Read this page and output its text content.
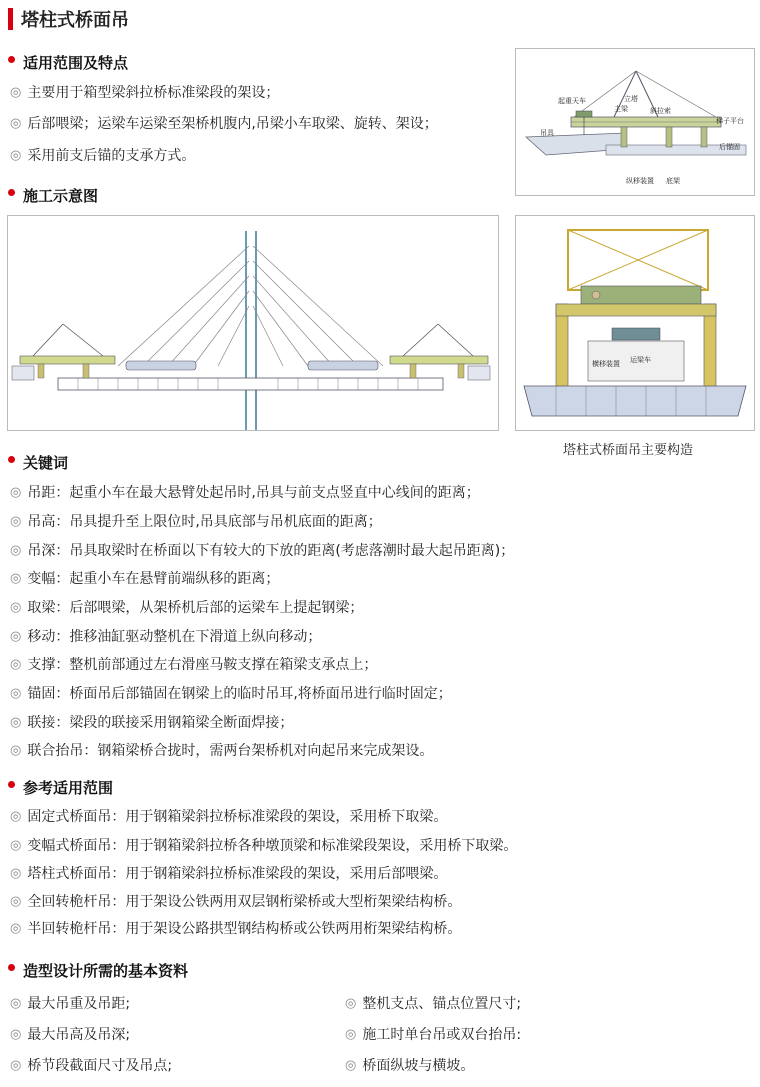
塔柱式桥面吊
适用范围及特点
◎ 主要用于箱型梁斜拉桥标准梁段的架设；
◎ 后部喂梁；运梁车运梁至架桥机腹内,吊梁小车取梁、旋转、架设；
◎ 采用前支后锚的支承方式。
起重天车	立塔
主梁	斜拉索
梯子平台
吊具
后锚固
纵移装置 底架
施工示意图
横移装置 运梁车
塔柱式桥面吊主要构造
关键词
◎ 吊距：起重小车在最大悬臂处起吊时,吊具与前支点竖直中心线间的距离；
◎ 吊高：吊具提升至上限位时,吊具底部与吊机底面的距离；
◎ 吊深：吊具取梁时在桥面以下有较大的下放的距离(考虑落潮时最大起吊距离)；
◎ 变幅：起重小车在悬臂前端纵移的距离；
◎ 取梁：后部喂梁，从架桥机后部的运梁车上提起钢梁；
◎ 移动：推移油缸驱动整机在下滑道上纵向移动；
◎ 支撑：整机前部通过左右滑座马鞍支撑在箱梁支承点上；
◎ 锚固：桥面吊后部锚固在钢梁上的临时吊耳,将桥面吊进行临时固定；
◎ 联接：梁段的联接采用钢箱梁全断面焊接；
◎ 联合抬吊：钢箱梁桥合拢时，需两台架桥机对向起吊来完成架设。
参考适用范围
◎ 固定式桥面吊：用于钢箱梁斜拉桥标准梁段的架设，采用桥下取梁。
◎ 变幅式桥面吊：用于钢箱梁斜拉桥各种墩顶梁和标准梁段架设，采用桥下取梁。
◎ 塔柱式桥面吊：用于钢箱梁斜拉桥标准梁段的架设，采用后部喂梁。
◎ 全回转桅杆吊：用于架设公铁两用双层钢桁梁桥或大型桁架梁结构桥。
◎ 半回转桅杆吊：用于架设公路拱型钢结构桥或公铁两用桁架梁结构桥。
造型设计所需的基本资料
◎ 最大吊重及吊距;
◎ 最大吊高及吊深;
◎ 桥节段截面尺寸及吊点;
◎ 整机支点、锚点位置尺寸;
◎ 施工时单台吊或双台抬吊:
◎ 桥面纵坡与横坡。
